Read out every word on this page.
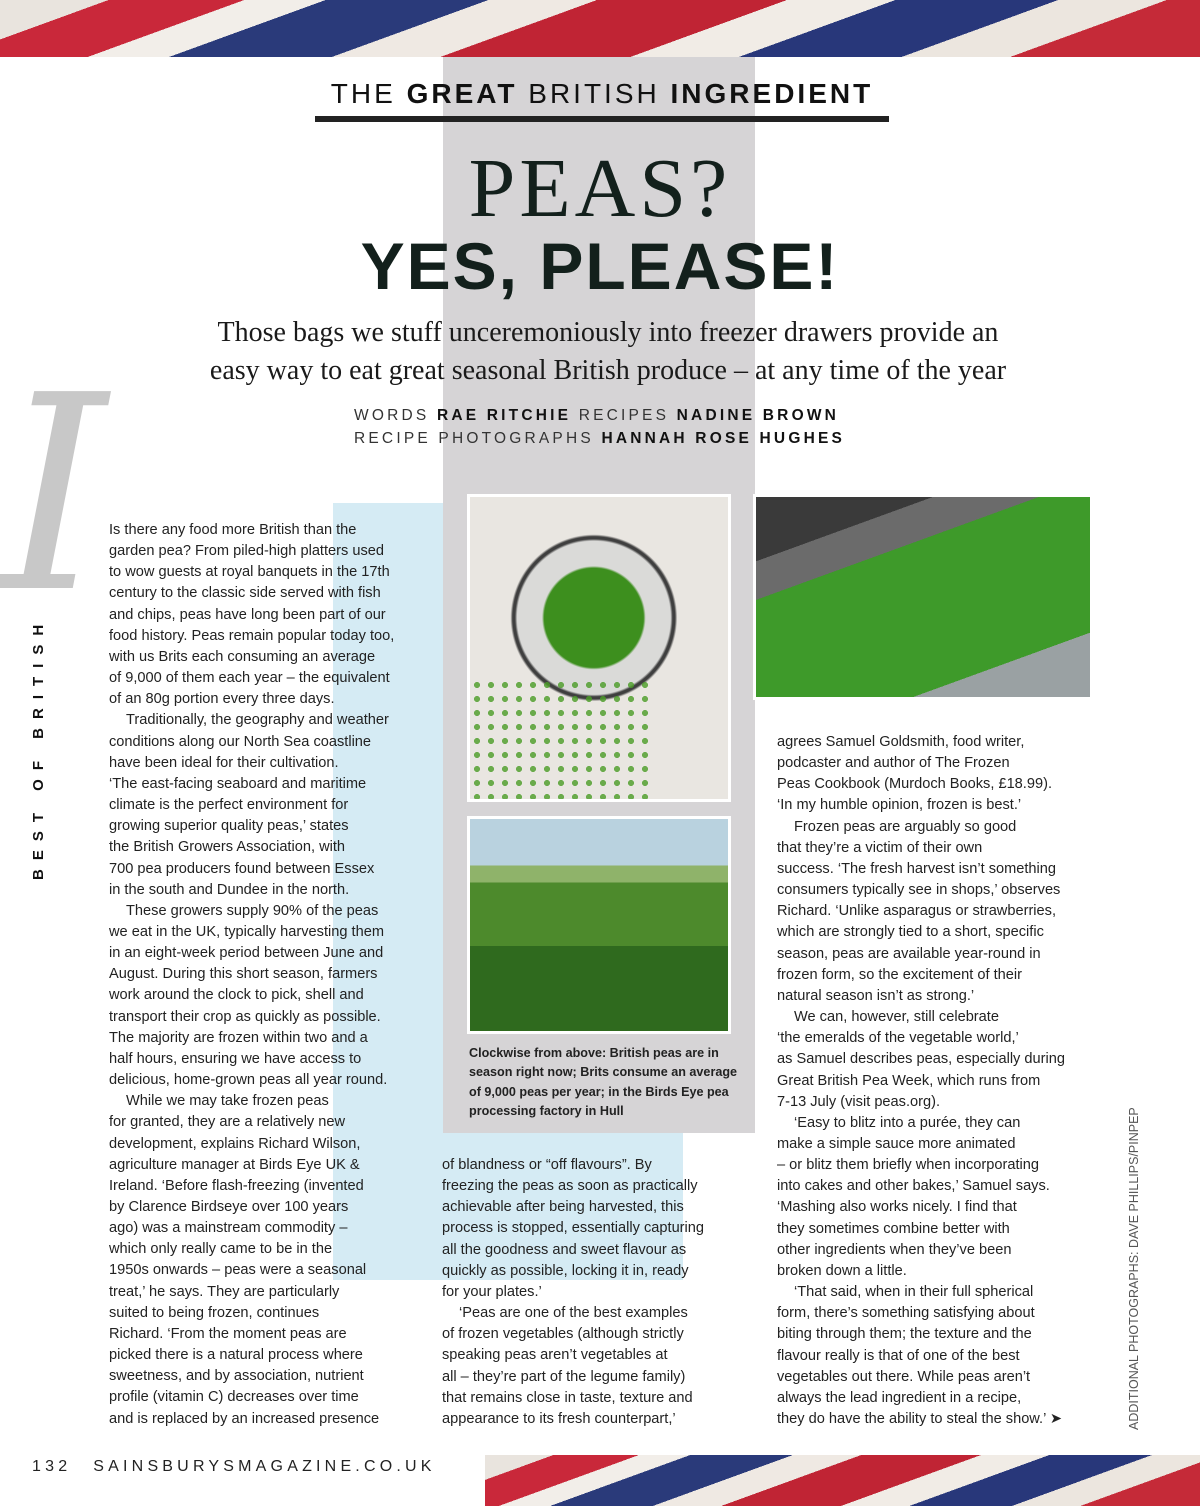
THE GREAT BRITISH INGREDIENT
PEAS?
YES, PLEASE!
Those bags we stuff unceremoniously into freezer drawers provide an
easy way to eat great seasonal British produce – at any time of the year
WORDS RAE RITCHIE RECIPES NADINE BROWN
RECIPE PHOTOGRAPHS HANNAH ROSE HUGHES
I
BEST OF BRITISH
ADDITIONAL PHOTOGRAPHS: DAVE PHILLIPS/PINPEP
Clockwise from above: British peas are in season right now; Brits consume an average of 9,000 peas per year; in the Birds Eye pea processing factory in Hull
Is there any food more British than the
garden pea? From piled-high platters used
to wow guests at royal banquets in the 17th
century to the classic side served with fish
and chips, peas have long been part of our
food history. Peas remain popular today too,
with us Brits each consuming an average
of 9,000 of them each year – the equivalent
of an 80g portion every three days.
Traditionally, the geography and weather
conditions along our North Sea coastline
have been ideal for their cultivation.
‘The east-facing seaboard and maritime
climate is the perfect environment for
growing superior quality peas,’ states
the British Growers Association, with
700 pea producers found between Essex
in the south and Dundee in the north.
These growers supply 90% of the peas
we eat in the UK, typically harvesting them
in an eight-week period between June and
August. During this short season, farmers
work around the clock to pick, shell and
transport their crop as quickly as possible.
The majority are frozen within two and a
half hours, ensuring we have access to
delicious, home-grown peas all year round.
While we may take frozen peas
for granted, they are a relatively new
development, explains Richard Wilson,
agriculture manager at Birds Eye UK &
Ireland. ‘Before flash-freezing (invented
by Clarence Birdseye over 100 years
ago) was a mainstream commodity –
which only really came to be in the
1950s onwards – peas were a seasonal
treat,’ he says. They are particularly
suited to being frozen, continues
Richard. ‘From the moment peas are
picked there is a natural process where
sweetness, and by association, nutrient
profile (vitamin C) decreases over time
and is replaced by an increased presence
of blandness or “off flavours”. By
freezing the peas as soon as practically
achievable after being harvested, this
process is stopped, essentially capturing
all the goodness and sweet flavour as
quickly as possible, locking it in, ready
for your plates.’
‘Peas are one of the best examples
of frozen vegetables (although strictly
speaking peas aren’t vegetables at
all – they’re part of the legume family)
that remains close in taste, texture and
appearance to its fresh counterpart,’
agrees Samuel Goldsmith, food writer,
podcaster and author of The Frozen
Peas Cookbook (Murdoch Books, £18.99).
‘In my humble opinion, frozen is best.’
Frozen peas are arguably so good
that they’re a victim of their own
success. ‘The fresh harvest isn’t something
consumers typically see in shops,’ observes
Richard. ‘Unlike asparagus or strawberries,
which are strongly tied to a short, specific
season, peas are available year-round in
frozen form, so the excitement of their
natural season isn’t as strong.’
We can, however, still celebrate
‘the emeralds of the vegetable world,’
as Samuel describes peas, especially during
Great British Pea Week, which runs from
7-13 July (visit peas.org).
‘Easy to blitz into a purée, they can
make a simple sauce more animated
– or blitz them briefly when incorporating
into cakes and other bakes,’ Samuel says.
‘Mashing also works nicely. I find that
they sometimes combine better with
other ingredients when they’ve been
broken down a little.
‘That said, when in their full spherical
form, there’s something satisfying about
biting through them; the texture and the
flavour really is that of one of the best
vegetables out there. While peas aren’t
always the lead ingredient in a recipe,
they do have the ability to steal the show.’ ➤
132 SAINSBURYSMAGAZINE.CO.UK
